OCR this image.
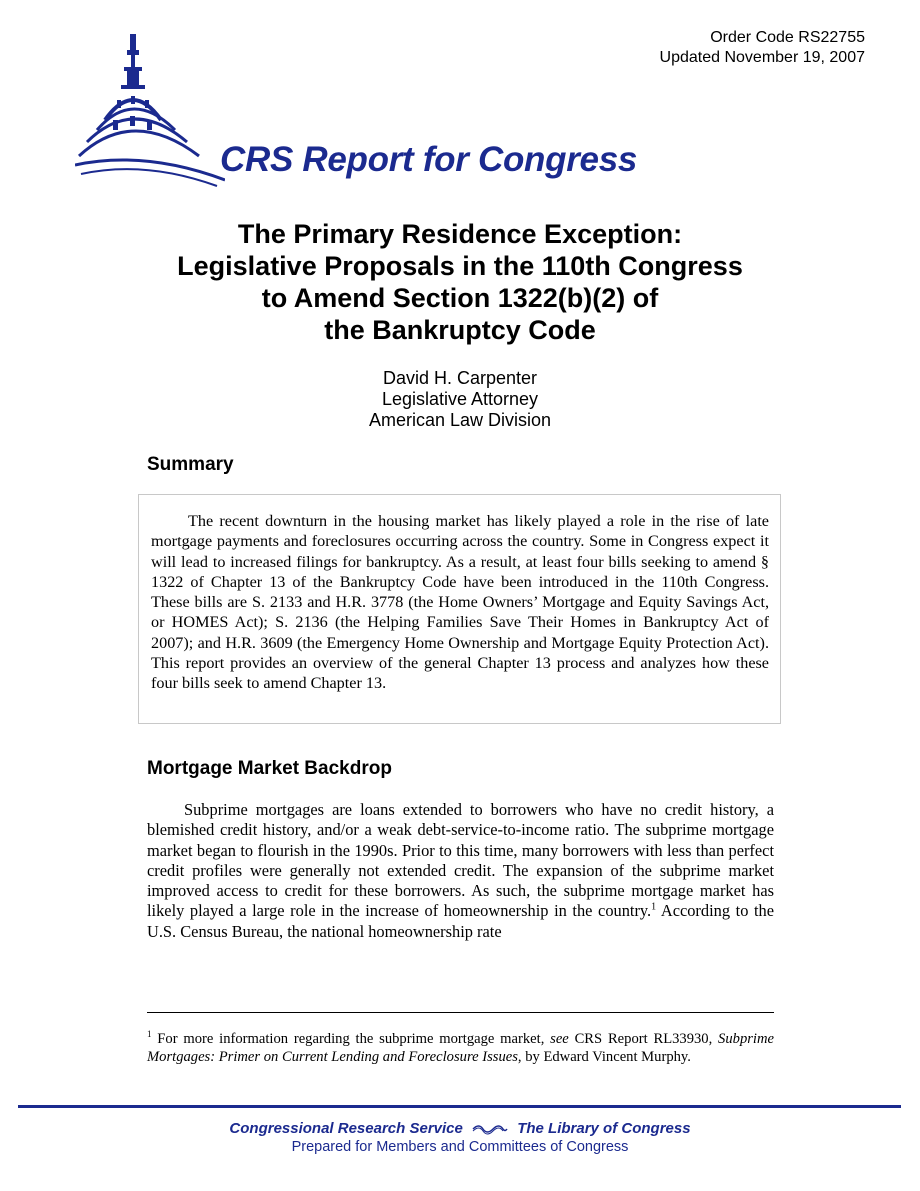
Order Code RS22755
Updated November 19, 2007
CRS Report for Congress
The Primary Residence Exception:
Legislative Proposals in the 110th Congress
to Amend Section 1322(b)(2) of
the Bankruptcy Code
David H. Carpenter
Legislative Attorney
American Law Division
Summary

The recent downturn in the housing market has likely played a role in the rise of late mortgage payments and foreclosures occurring across the country. Some in Congress expect it will lead to increased filings for bankruptcy. As a result, at least four bills seeking to amend § 1322 of Chapter 13 of the Bankruptcy Code have been introduced in the 110th Congress. These bills are S. 2133 and H.R. 3778 (the Home Owners’ Mortgage and Equity Savings Act, or HOMES Act); S. 2136 (the Helping Families Save Their Homes in Bankruptcy Act of 2007); and H.R. 3609 (the Emergency Home Ownership and Mortgage Equity Protection Act). This report provides an overview of the general Chapter 13 process and analyzes how these four bills seek to amend Chapter 13.

Mortgage Market Backdrop

Subprime mortgages are loans extended to borrowers who have no credit history, a blemished credit history, and/or a weak debt-service-to-income ratio. The subprime mortgage market began to flourish in the 1990s. Prior to this time, many borrowers with less than perfect credit profiles were generally not extended credit. The expansion of the subprime market improved access to credit for these borrowers. As such, the subprime mortgage market has likely played a large role in the increase of homeownership in the country.$^1$ According to the U.S. Census Bureau, the national homeownership rate

$^1$ For more information regarding the subprime mortgage market, see CRS Report RL33930, Subprime Mortgages: Primer on Current Lending and Foreclosure Issues, by Edward Vincent Murphy.

Congressional Research Service	The Library of Congress
Prepared for Members and Committees of Congress
